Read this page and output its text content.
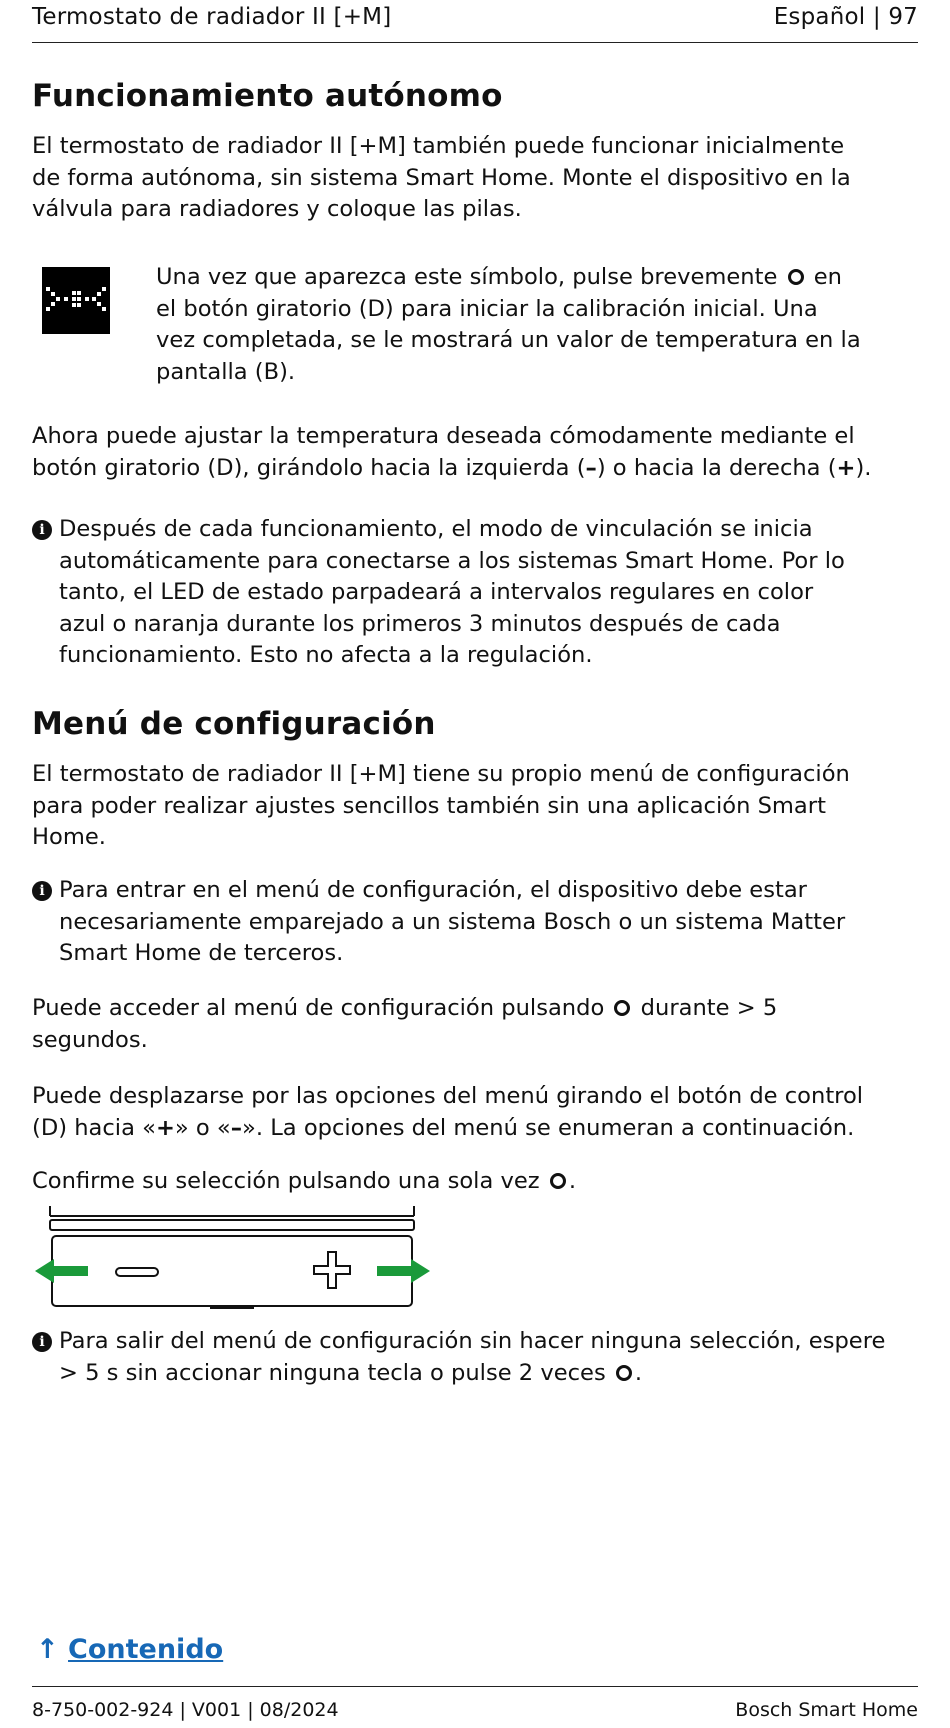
Termostato de radiador II [+M]	Español | 97
Funcionamiento autónomo
El termostato de radiador II [+M] también puede funcionar inicialmente
de forma autónoma, sin sistema Smart Home. Monte el dispositivo en la
válvula para radiadores y coloque las pilas.
Una vez que aparezca este símbolo, pulse brevemente en
el botón giratorio (D) para iniciar la calibración inicial. Una
vez completada, se le mostrará un valor de temperatura en la
pantalla (B).
Ahora puede ajustar la temperatura deseada cómodamente mediante el
botón giratorio (D), girándolo hacia la izquierda (–) o hacia la derecha (+).
i Después de cada funcionamiento, el modo de vinculación se inicia
automáticamente para conectarse a los sistemas Smart Home. Por lo
tanto, el LED de estado parpadeará a intervalos regulares en color
azul o naranja durante los primeros 3 minutos después de cada
funcionamiento. Esto no afecta a la regulación.
Menú de configuración
El termostato de radiador II [+M] tiene su propio menú de configuración
para poder realizar ajustes sencillos también sin una aplicación Smart
Home.
i Para entrar en el menú de configuración, el dispositivo debe estar
necesariamente emparejado a un sistema Bosch o un sistema Matter
Smart Home de terceros.
Puede acceder al menú de configuración pulsando durante > 5
segundos.
Puede desplazarse por las opciones del menú girando el botón de control
(D) hacia «+» o «–». La opciones del menú se enumeran a continuación.
Confirme su selección pulsando una sola vez .
i Para salir del menú de configuración sin hacer ninguna selección, espere
> 5 s sin accionar ninguna tecla o pulse 2 veces .
↑ Contenido
8-750-002-924 | V001 | 08/2024	Bosch Smart Home
